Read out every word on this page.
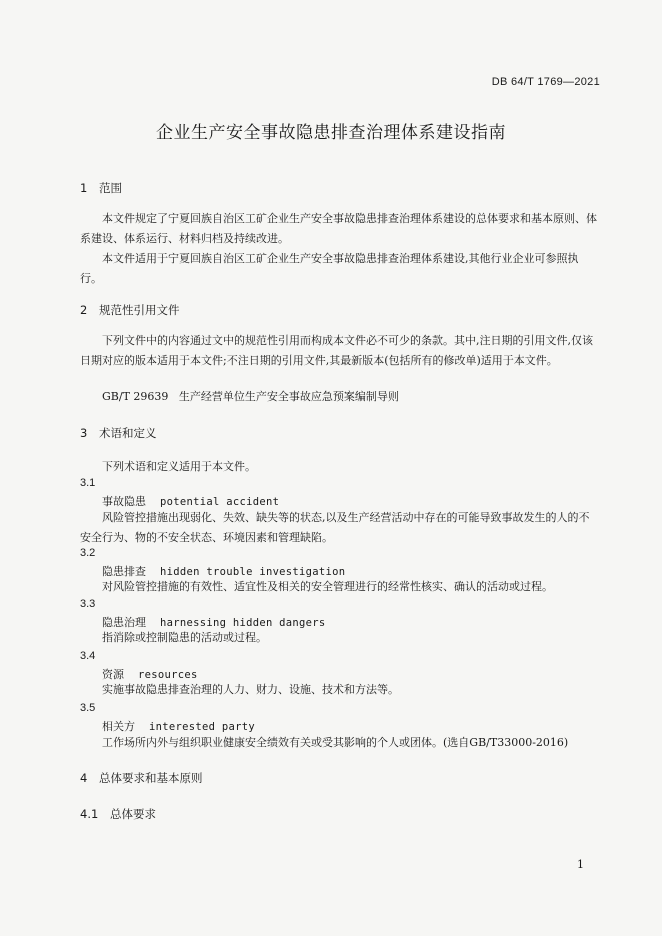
DB 64/T 1769—2021
企业生产安全事故隐患排查治理体系建设指南
1 范围
本文件规定了宁夏回族自治区工矿企业生产安全事故隐患排查治理体系建设的总体要求和基本原则、体系建设、体系运行、材料归档及持续改进。
本文件适用于宁夏回族自治区工矿企业生产安全事故隐患排查治理体系建设,其他行业企业可参照执行。
2 规范性引用文件
下列文件中的内容通过文中的规范性引用而构成本文件必不可少的条款。其中,注日期的引用文件,仅该日期对应的版本适用于本文件;不注日期的引用文件,其最新版本(包括所有的修改单)适用于本文件。
GB/T 29639   生产经营单位生产安全事故应急预案编制导则
3 术语和定义
下列术语和定义适用于本文件。
3.1
事故隐患 potential accident
风险管控措施出现弱化、失效、缺失等的状态,以及生产经营活动中存在的可能导致事故发生的人的不安全行为、物的不安全状态、环境因素和管理缺陷。
3.2
隐患排查 hidden trouble investigation
对风险管控措施的有效性、适宜性及相关的安全管理进行的经常性核实、确认的活动或过程。
3.3
隐患治理 harnessing hidden dangers
指消除或控制隐患的活动或过程。
3.4
资源 resources
实施事故隐患排查治理的人力、财力、设施、技术和方法等。
3.5
相关方 interested party
工作场所内外与组织职业健康安全绩效有关或受其影响的个人或团体。(选自GB/T33000-2016)
4 总体要求和基本原则
4.1 总体要求
1
